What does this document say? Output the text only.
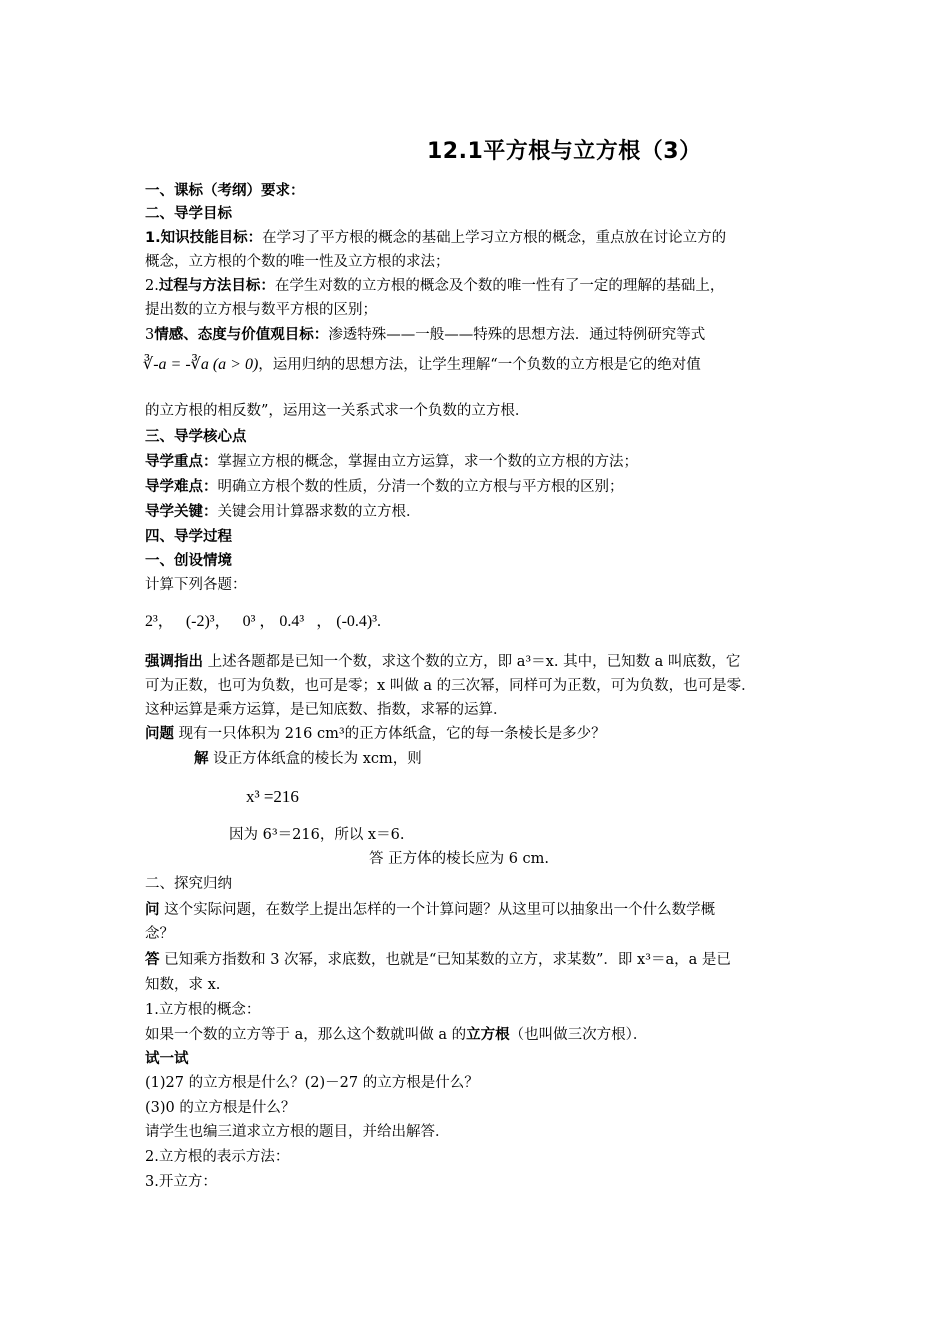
12.1平方根与立方根（3）
一、课标（考纲）要求：
二、导学目标
1.知识技能目标：在学习了平方根的概念的基础上学习立方根的概念，重点放在讨论立方的
概念，立方根的个数的唯一性及立方根的求法；
2.过程与方法目标：在学生对数的立方根的概念及个数的唯一性有了一定的理解的基础上，
提出数的立方根与数平方根的区别；
3情感、态度与价值观目标：渗透特殊——一般——特殊的思想方法．通过特例研究等式
∛-a = -∛a (a > 0)，运用归纳的思想方法，让学生理解“一个负数的立方根是它的绝对值
的立方根的相反数”，运用这一关系式求一个负数的立方根．
三、导学核心点
导学重点：掌握立方根的概念，掌握由立方运算，求一个数的立方根的方法；
导学难点：明确立方根个数的性质，分清一个数的立方根与平方根的区别；
导学关键：关键会用计算器求数的立方根．
四、导学过程
一、创设情境
计算下列各题：
2³，   (-2)³，   0³ ， 0.4³   ， (-0.4)³.
强调指出 上述各题都是已知一个数，求这个数的立方，即 a³＝x. 其中，已知数 a 叫底数，它
可为正数，也可为负数，也可是零；x 叫做 a 的三次幂，同样可为正数，可为负数，也可是零．
这种运算是乘方运算，是已知底数、指数，求幂的运算．
问题 现有一只体积为 216 cm³的正方体纸盒，它的每一条棱长是多少？
解 设正方体纸盒的棱长为 xcm，则
x³ =216
因为 6³＝216，所以 x＝6.
答 正方体的棱长应为 6 cm.
二、探究归纳
问 这个实际问题，在数学上提出怎样的一个计算问题？从这里可以抽象出一个什么数学概
念？
答 已知乘方指数和 3 次幂，求底数，也就是“已知某数的立方，求某数”．即 x³＝a，a 是已
知数，求 x.
1.立方根的概念：
如果一个数的立方等于 a，那么这个数就叫做 a 的立方根（也叫做三次方根）．
试一试
(1)27 的立方根是什么？(2)－27 的立方根是什么？
(3)0 的立方根是什么？
请学生也编三道求立方根的题目，并给出解答．
2.立方根的表示方法：
3.开立方：
